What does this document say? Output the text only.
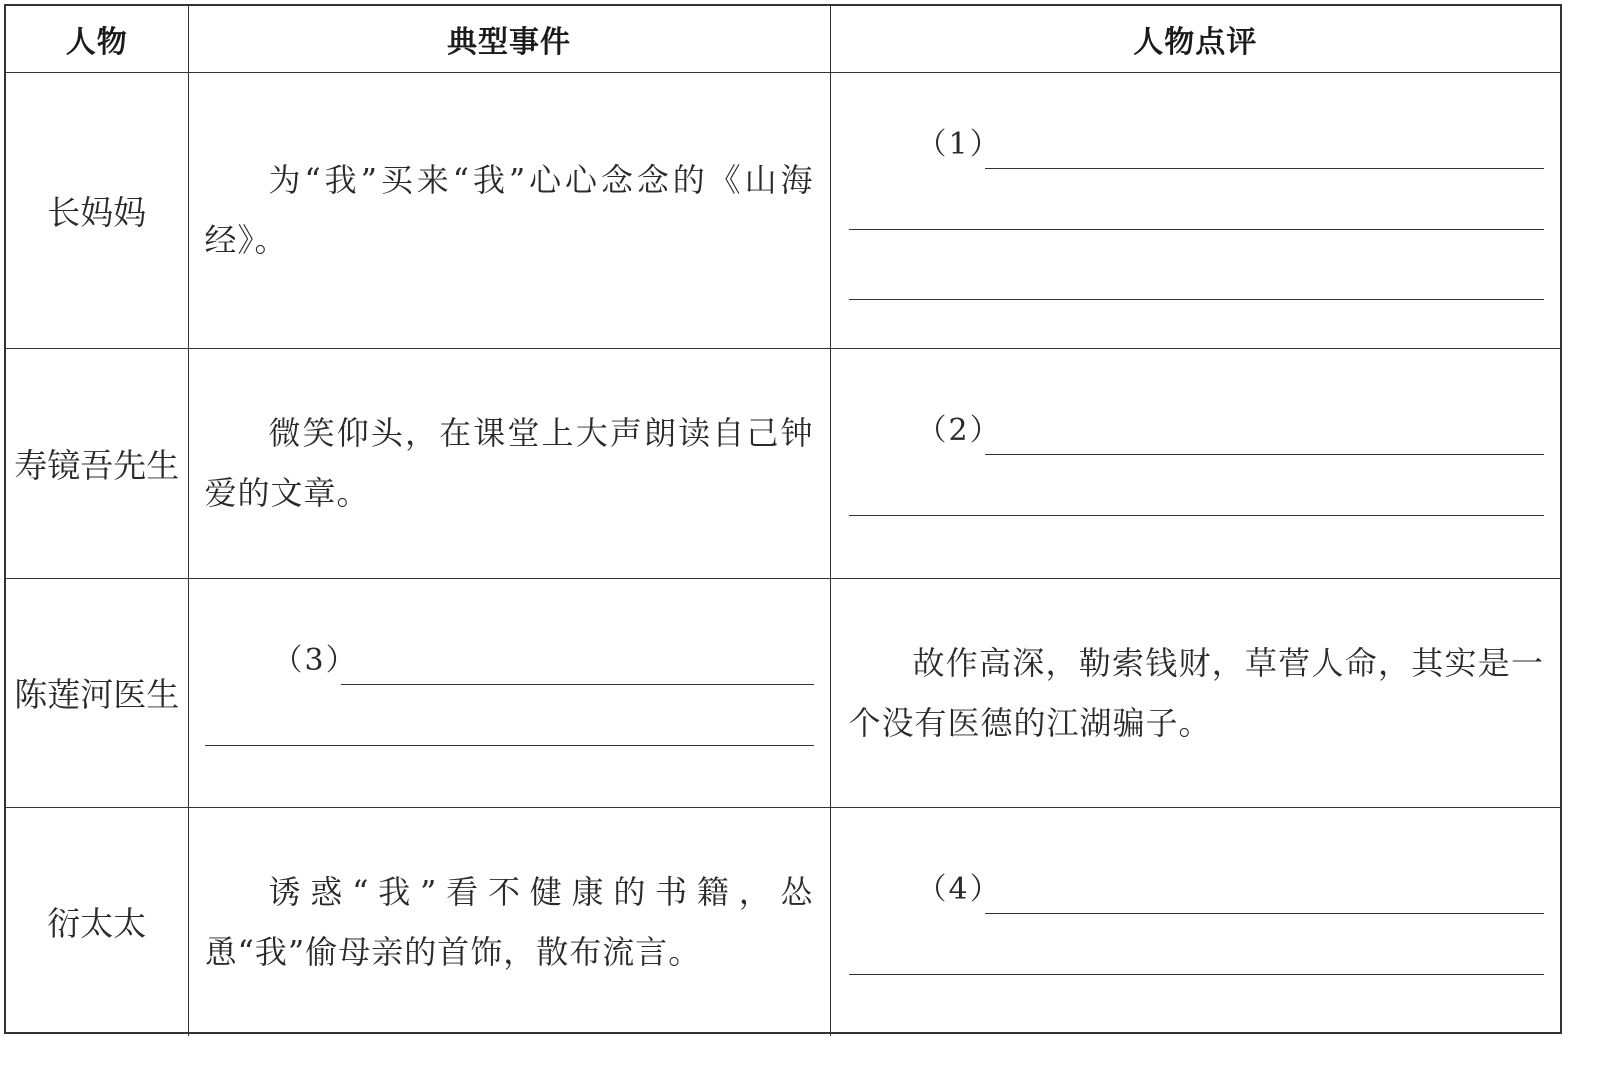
人物	典型事件	人物点评
长妈妈	为“我”买来“我”心心念念的《山海经》。	（1）

寿镜吾先生	微笑仰头，在课堂上大声朗读自己钟爱的文章。	（2）

陈莲河医生	（3）	故作高深，勒索钱财，草菅人命，其实是一个没有医德的江湖骗子。

衍太太	诱惑“我”看不健康的书籍，怂恿“我”偷母亲的首饰，散布流言。	（4）
